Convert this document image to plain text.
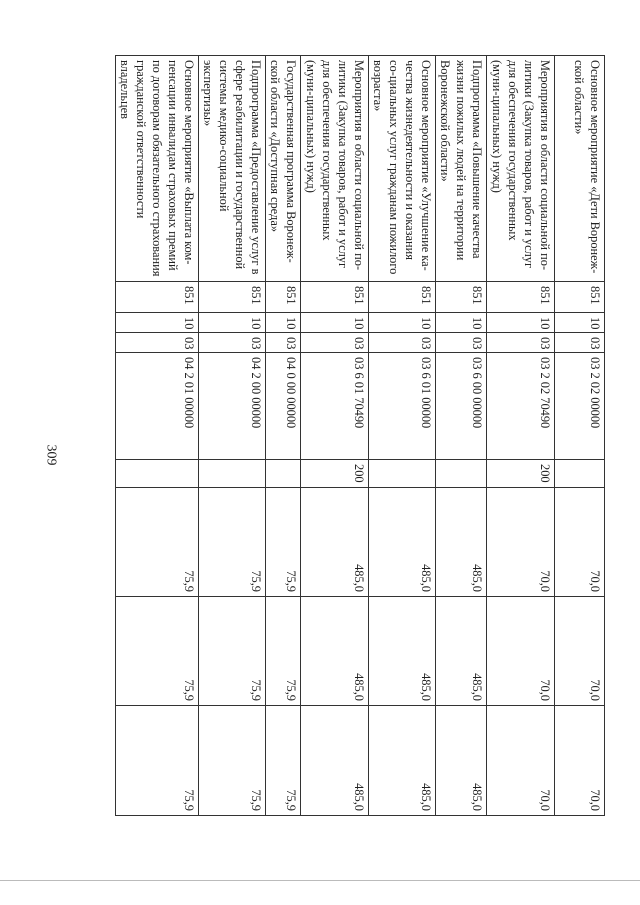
309
Основное мероприятие «Дети Воронеж-ской области»	851	10	03	03 2 02 00000		70,0	70,0	70,0
Мероприятия в области социальной по-литики (Закупка товаров, работ и услуг для обеспечения государственных (муни-ципальных) нужд)	851	10	03	03 2 02 70490	200	70,0	70,0	70,0
Подпрограмма «Повышение качества жизни пожилых людей на территории Воронежской области»	851	10	03	03 6 00 00000		485,0	485,0	485,0
Основное мероприятие «Улучшение ка-чества жизнедеятельности и оказания со-циальных услуг гражданам пожилого возраста»	851	10	03	03 6 01 00000		485,0	485,0	485,0
Мероприятия в области социальной по-литики (Закупка товаров, работ и услуг для обеспечения государственных (муни-ципальных) нужд)	851	10	03	03 6 01 70490	200	485,0	485,0	485,0
Государственная программа Воронеж-ской области «Доступная среда»	851	10	03	04 0 00 00000		75,9	75,9	75,9
Подпрограмма «Предоставление услуг в сфере реабилитации и государственной системы медико-социальной экспертизы»	851	10	03	04 2 00 00000		75,9	75,9	75,9
Основное мероприятие «Выплата ком-пенсации инвалидам страховых премий по договорам обязательного страхования гражданской ответственности владельцев	851	10	03	04 2 01 00000		75,9	75,9	75,9
